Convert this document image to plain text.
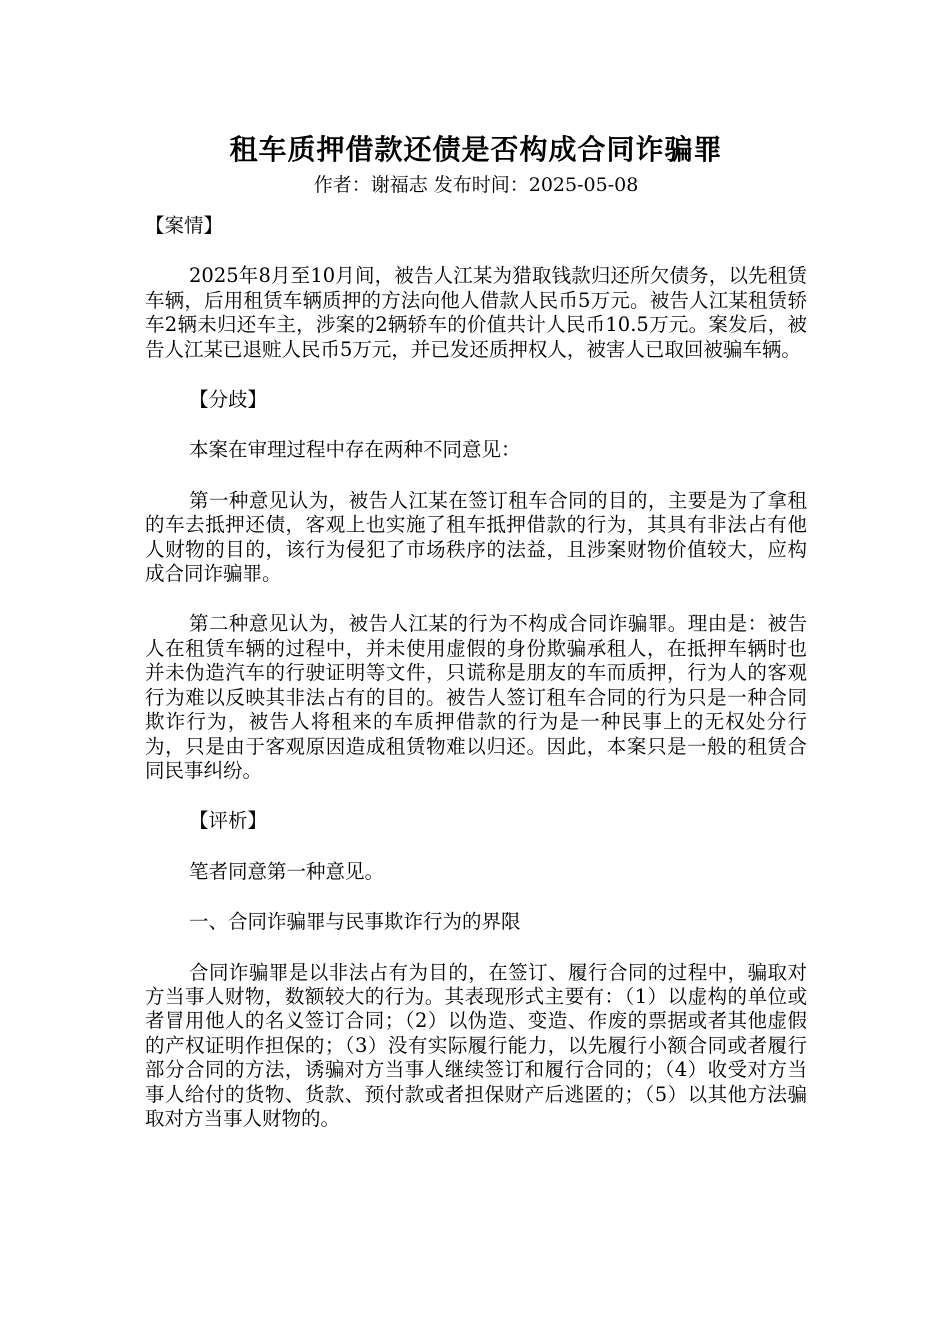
租车质押借款还债是否构成合同诈骗罪

作者：谢福志 发布时间：2025-05-08

【案情】

2025年8月至10月间，被告人江某为猎取钱款归还所欠债务，以先租赁车辆，后用租赁车辆质押的方法向他人借款人民币5万元。被告人江某租赁轿车2辆未归还车主，涉案的2辆轿车的价值共计人民币10.5万元。案发后，被告人江某已退赃人民币5万元，并已发还质押权人，被害人已取回被骗车辆。

【分歧】

本案在审理过程中存在两种不同意见：

第一种意见认为，被告人江某在签订租车合同的目的，主要是为了拿租的车去抵押还债，客观上也实施了租车抵押借款的行为，其具有非法占有他人财物的目的，该行为侵犯了市场秩序的法益，且涉案财物价值较大，应构成合同诈骗罪。

第二种意见认为，被告人江某的行为不构成合同诈骗罪。理由是：被告人在租赁车辆的过程中，并未使用虚假的身份欺骗承租人，在抵押车辆时也并未伪造汽车的行驶证明等文件，只谎称是朋友的车而质押，行为人的客观行为难以反映其非法占有的目的。被告人签订租车合同的行为只是一种合同欺诈行为，被告人将租来的车质押借款的行为是一种民事上的无权处分行为，只是由于客观原因造成租赁物难以归还。因此，本案只是一般的租赁合同民事纠纷。

【评析】

笔者同意第一种意见。

一、合同诈骗罪与民事欺诈行为的界限

合同诈骗罪是以非法占有为目的，在签订、履行合同的过程中，骗取对方当事人财物，数额较大的行为。其表现形式主要有：（1）以虚构的单位或者冒用他人的名义签订合同；（2）以伪造、变造、作废的票据或者其他虚假的产权证明作担保的；（3）没有实际履行能力，以先履行小额合同或者履行部分合同的方法，诱骗对方当事人继续签订和履行合同的；（4）收受对方当事人给付的货物、货款、预付款或者担保财产后逃匿的；（5）以其他方法骗取对方当事人财物的。
